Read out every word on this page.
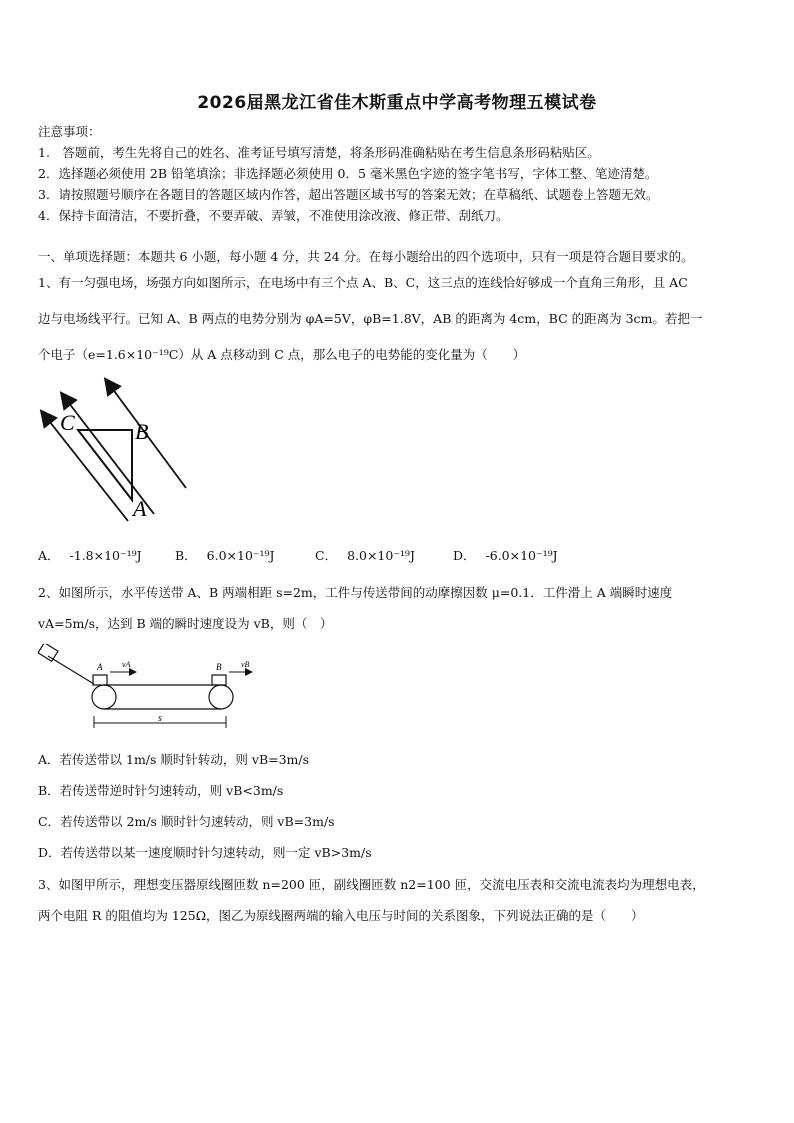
2026届黑龙江省佳木斯重点中学高考物理五模试卷
注意事项：
1.　答题前，考生先将自己的姓名、准考证号填写清楚，将条形码准确粘贴在考生信息条形码粘贴区。
2．选择题必须使用 2B 铅笔填涂；非选择题必须使用 0．5 毫米黑色字迹的签字笔书写，字体工整、笔迹清楚。
3．请按照题号顺序在各题目的答题区域内作答，超出答题区域书写的答案无效；在草稿纸、试题卷上答题无效。
4．保持卡面清洁，不要折叠，不要弄破、弄皱，不准使用涂改液、修正带、刮纸刀。
一、单项选择题：本题共 6 小题，每小题 4 分，共 24 分。在每小题给出的四个选项中，只有一项是符合题目要求的。
1、有一匀强电场，场强方向如图所示，在电场中有三个点 A、B、C，这三点的连线恰好够成一个直角三角形，且 AC
边与电场线平行。已知 A、B 两点的电势分别为 φA=5V，φB=1.8V，AB 的距离为 4cm，BC 的距离为 3cm。若把一
个电子（e=1.6×10⁻¹⁹C）从 A 点移动到 C 点，那么电子的电势能的变化量为（　　）
C	B
A
A． -1.8×10⁻¹⁹J	B． 6.0×10⁻¹⁹J	C． 8.0×10⁻¹⁹J	D． -6.0×10⁻¹⁹J
2、如图所示，水平传送带 A、B 两端相距 s=2m，工件与传送带间的动摩擦因数 μ=0.1．工件滑上 A 端瞬时速度
vA=5m/s，达到 B 端的瞬时速度设为 vB，则（　）
A	B
vA	vB
s
A．若传送带以 1m/s 顺时针转动，则 vB=3m/s
B．若传送带逆时针匀速转动，则 vB<3m/s
C．若传送带以 2m/s 顺时针匀速转动，则 vB=3m/s
D．若传送带以某一速度顺时针匀速转动，则一定 vB>3m/s
3、如图甲所示，理想变压器原线圈匝数 n=200 匝，副线圈匝数 n2=100 匝，交流电压表和交流电流表均为理想电表，
两个电阻 R 的阻值均为 125Ω，图乙为原线圈两端的输入电压与时间的关系图象，下列说法正确的是（　　）
